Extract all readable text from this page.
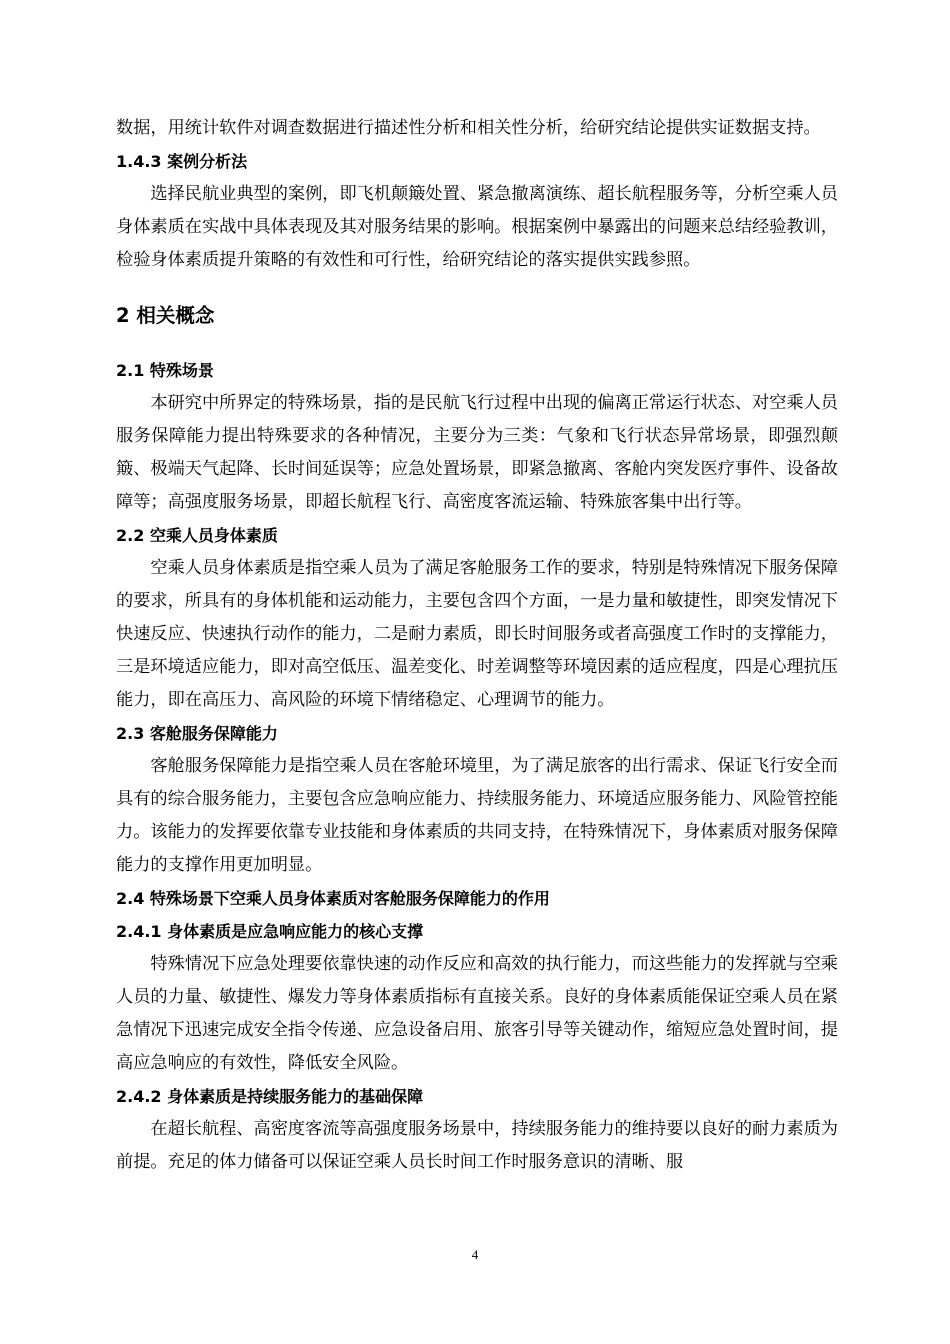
数据，用统计软件对调查数据进行描述性分析和相关性分析，给研究结论提供实证数据支持。

1.4.3 案例分析法

选择民航业典型的案例，即飞机颠簸处置、紧急撤离演练、超长航程服务等，分析空乘人员身体素质在实战中具体表现及其对服务结果的影响。根据案例中暴露出的问题来总结经验教训，检验身体素质提升策略的有效性和可行性，给研究结论的落实提供实践参照。

2 相关概念

2.1 特殊场景

本研究中所界定的特殊场景，指的是民航飞行过程中出现的偏离正常运行状态、对空乘人员服务保障能力提出特殊要求的各种情况，主要分为三类：气象和飞行状态异常场景，即强烈颠簸、极端天气起降、长时间延误等；应急处置场景，即紧急撤离、客舱内突发医疗事件、设备故障等；高强度服务场景，即超长航程飞行、高密度客流运输、特殊旅客集中出行等。

2.2 空乘人员身体素质

空乘人员身体素质是指空乘人员为了满足客舱服务工作的要求，特别是特殊情况下服务保障的要求，所具有的身体机能和运动能力，主要包含四个方面，一是力量和敏捷性，即突发情况下快速反应、快速执行动作的能力，二是耐力素质，即长时间服务或者高强度工作时的支撑能力，三是环境适应能力，即对高空低压、温差变化、时差调整等环境因素的适应程度，四是心理抗压能力，即在高压力、高风险的环境下情绪稳定、心理调节的能力。

2.3 客舱服务保障能力

客舱服务保障能力是指空乘人员在客舱环境里，为了满足旅客的出行需求、保证飞行安全而具有的综合服务能力，主要包含应急响应能力、持续服务能力、环境适应服务能力、风险管控能力。该能力的发挥要依靠专业技能和身体素质的共同支持，在特殊情况下，身体素质对服务保障能力的支撑作用更加明显。

2.4 特殊场景下空乘人员身体素质对客舱服务保障能力的作用

2.4.1 身体素质是应急响应能力的核心支撑

特殊情况下应急处理要依靠快速的动作反应和高效的执行能力，而这些能力的发挥就与空乘人员的力量、敏捷性、爆发力等身体素质指标有直接关系。良好的身体素质能保证空乘人员在紧急情况下迅速完成安全指令传递、应急设备启用、旅客引导等关键动作，缩短应急处置时间，提高应急响应的有效性，降低安全风险。

2.4.2 身体素质是持续服务能力的基础保障

在超长航程、高密度客流等高强度服务场景中，持续服务能力的维持要以良好的耐力素质为前提。充足的体力储备可以保证空乘人员长时间工作时服务意识的清晰、服

4
